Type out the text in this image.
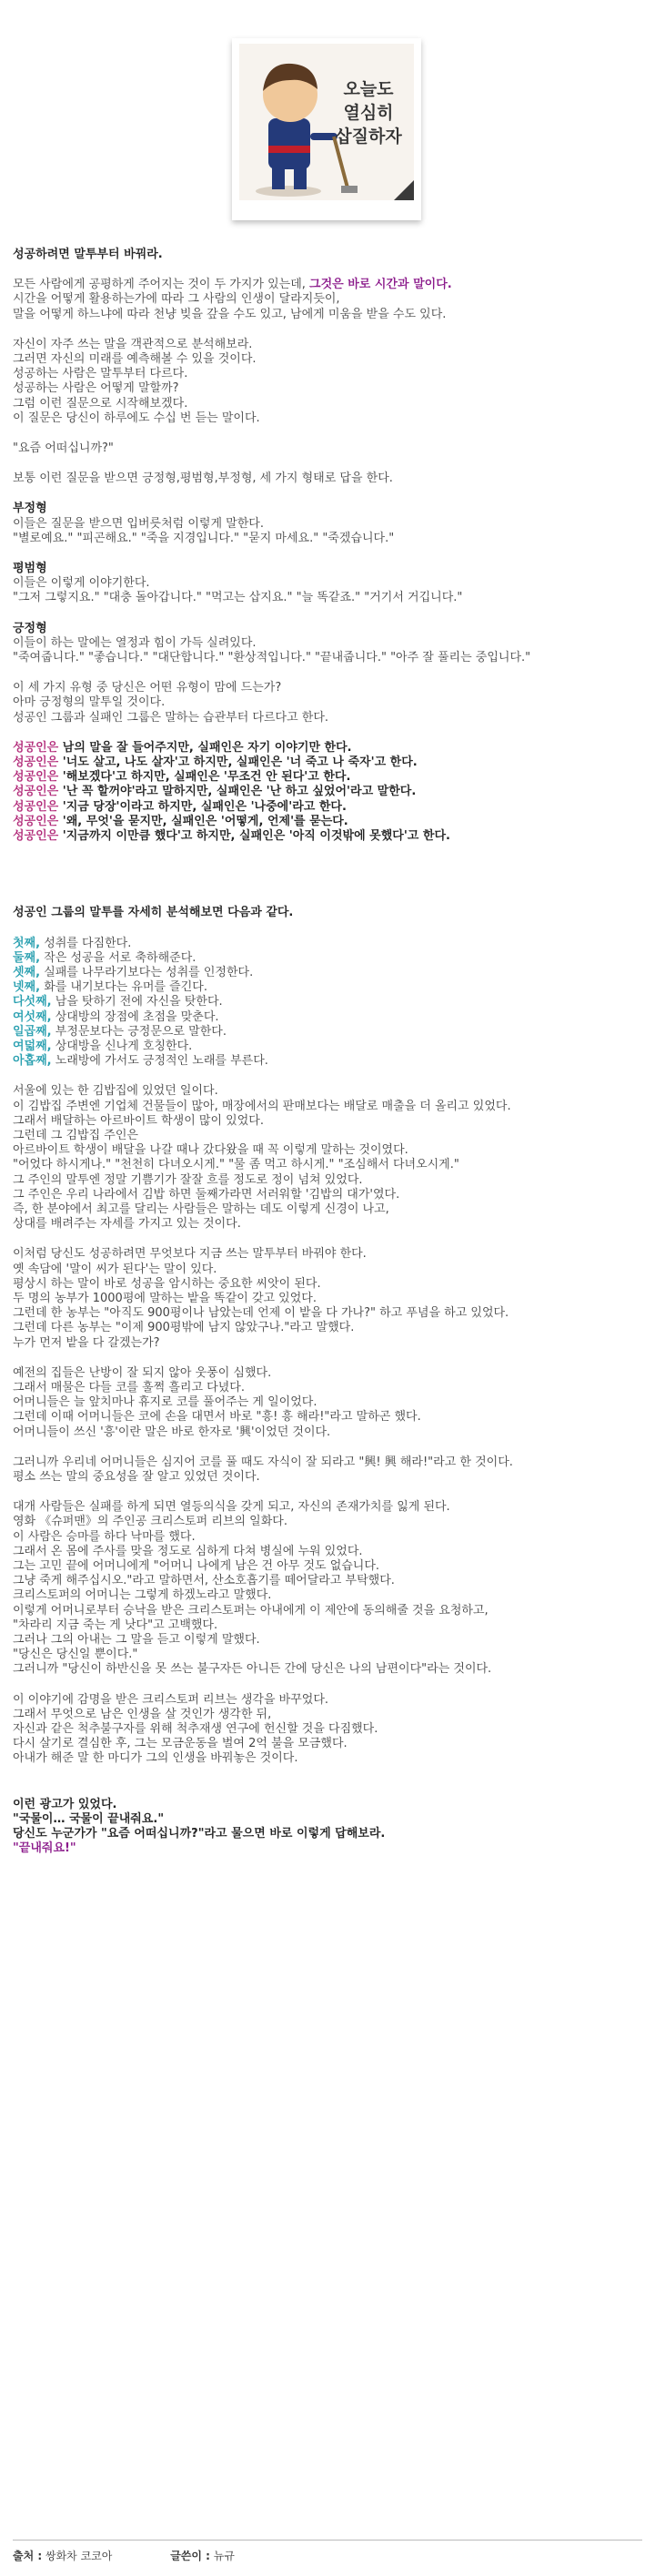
오늘도
열심히
삽질하자
성공하려면 말투부터 바꿔라.
모든 사람에게 공평하게 주어지는 것이 두 가지가 있는데, 그것은 바로 시간과 말이다.
시간을 어떻게 활용하는가에 따라 그 사람의 인생이 달라지듯이,
말을 어떻게 하느냐에 따라 천냥 빚을 갚을 수도 있고, 남에게 미움을 받을 수도 있다.
자신이 자주 쓰는 말을 객관적으로 분석해보라.
그러면 자신의 미래를 예측해볼 수 있을 것이다.
성공하는 사람은 말투부터 다르다.
성공하는 사람은 어떻게 말할까?
그럼 이런 질문으로 시작해보겠다.
이 질문은 당신이 하루에도 수십 번 듣는 말이다.
"요즘 어떠십니까?"
보통 이런 질문을 받으면 긍정형,평범형,부정형, 세 가지 형태로 답을 한다.
부정형
이들은 질문을 받으면 입버릇처럼 이렇게 말한다.
"별로예요." "피곤해요." "죽을 지경입니다." "묻지 마세요." "죽겠습니다."
평범형
이들은 이렇게 이야기한다.
"그저 그렇지요." "대충 돌아갑니다." "먹고는 삽지요." "늘 똑같죠." "거기서 거깁니다."
긍정형
이들이 하는 말에는 열정과 힘이 가득 실려있다.
"죽여줍니다." "좋습니다." "대단합니다." "환상적입니다." "끝내줍니다." "아주 잘 풀리는 중입니다."
이 세 가지 유형 중 당신은 어떤 유형이 맘에 드는가?
아마 긍정형의 말투일 것이다.
성공인 그룹과 실패인 그룹은 말하는 습관부터 다르다고 한다.
성공인은 남의 말을 잘 들어주지만, 실패인은 자기 이야기만 한다.
성공인은 '너도 살고, 나도 살자'고 하지만, 실패인은 '너 죽고 나 죽자'고 한다.
성공인은 '해보겠다'고 하지만, 실패인은 '무조건 안 된다'고 한다.
성공인은 '난 꼭 할꺼야'라고 말하지만, 실패인은 '난 하고 싶었어'라고 말한다.
성공인은 '지금 당장'이라고 하지만, 실패인은 '나중에'라고 한다.
성공인은 '왜, 무엇'을 묻지만, 실패인은 '어떻게, 언제'를 묻는다.
성공인은 '지금까지 이만큼 했다'고 하지만, 실패인은 '아직 이것밖에 못했다'고 한다.
성공인 그룹의 말투를 자세히 분석해보면 다음과 같다.
첫째, 성취를 다짐한다.
둘째, 작은 성공을 서로 축하해준다.
셋째, 실패를 나무라기보다는 성취를 인정한다.
넷째, 화를 내기보다는 유머를 즐긴다.
다섯째, 남을 탓하기 전에 자신을 탓한다.
여섯째, 상대방의 장점에 초점을 맞춘다.
일곱째, 부정문보다는 긍정문으로 말한다.
여덟째, 상대방을 신나게 호칭한다.
아홉째, 노래방에 가서도 긍정적인 노래를 부른다.
서울에 있는 한 김밥집에 있었던 일이다.
이 김밥집 주변엔 기업체 건물들이 많아, 매장에서의 판매보다는 배달로 매출을 더 올리고 있었다.
그래서 배달하는 아르바이트 학생이 많이 있었다.
그런데 그 김밥집 주인은
아르바이트 학생이 배달을 나갈 때나 갔다왔을 때 꼭 이렇게 말하는 것이였다.
"어었다 하시게나." "천천히 다녀오시게." "물 좀 먹고 하시게." "조심해서 다녀오시게."
그 주인의 말투엔 정말 기쁨기가 잘잘 흐를 정도로 정이 넘쳐 있었다.
그 주인은 우리 나라에서 김밥 하면 둘째가라면 서러워할 '김밥의 대가'였다.
즉, 한 분야에서 최고를 달리는 사람들은 말하는 데도 이렇게 신경이 나고,
상대를 배려주는 자세를 가지고 있는 것이다.
이처럼 당신도 성공하려면 무엇보다 지금 쓰는 말투부터 바꿔야 한다.
옛 속담에 '말이 씨가 된다'는 말이 있다.
평상시 하는 말이 바로 성공을 암시하는 중요한 씨앗이 된다.
두 명의 농부가 1000평에 말하는 밭을 똑같이 갖고 있었다.
그런데 한 농부는 "아직도 900평이나 남았는데 언제 이 밭을 다 가나?" 하고 푸념을 하고 있었다.
그런데 다른 농부는 "이제 900평밖에 남지 않았구나."라고 말했다.
누가 먼저 밭을 다 갈겠는가?
예전의 집들은 난방이 잘 되지 않아 웃풍이 심했다.
그래서 매물은 다들 코를 훌쩍 흘리고 다녔다.
어머니들은 늘 앞치마나 휴지로 코를 풀어주는 게 일이었다.
그런데 이때 어머니들은 코에 손을 대면서 바로 "흥! 흥 해라!"라고 말하곤 했다.
어머니들이 쓰신 '흥'이란 말은 바로 한자로 '興'이었던 것이다.
그러니까 우리네 어머니들은 심지어 코를 풀 때도 자식이 잘 되라고 "興! 興 해라!"라고 한 것이다.
평소 쓰는 말의 중요성을 잘 알고 있었던 것이다.
대개 사람들은 실패를 하게 되면 열등의식을 갖게 되고, 자신의 존재가치를 잃게 된다.
영화 《슈퍼맨》의 주인공 크리스토퍼 리브의 일화다.
이 사람은 승마를 하다 낙마를 했다.
그래서 온 몸에 주사를 맞을 정도로 심하게 다쳐 병실에 누워 있었다.
그는 고민 끝에 어머니에게 "어머니 나에게 남은 건 아무 것도 없습니다.
그냥 죽게 해주십시오."라고 말하면서, 산소호흡기를 떼어달라고 부탁했다.
크리스토퍼의 어머니는 그렇게 하겠노라고 말했다.
이렇게 어머니로부터 승낙을 받은 크리스토퍼는 아내에게 이 제안에 동의해줄 것을 요청하고,
"차라리 지금 죽는 게 낫다"고 고백했다.
그러나 그의 아내는 그 말을 듣고 이렇게 말했다.
"당신은 당신일 뿐이다."
그러니까 "당신이 하반신을 못 쓰는 불구자든 아니든 간에 당신은 나의 남편이다"라는 것이다.
이 이야기에 감명을 받은 크리스토퍼 리브는 생각을 바꾸었다.
그래서 무엇으로 남은 인생을 살 것인가 생각한 뒤,
자신과 같은 척추불구자를 위해 척추재생 연구에 헌신할 것을 다짐했다.
다시 살기로 결심한 후, 그는 모금운동을 벌여 2억 불을 모금했다.
아내가 해준 말 한 마디가 그의 인생을 바꿔놓은 것이다.
이런 광고가 있었다.
"국물이… 국물이 끝내줘요."
당신도 누군가가 "요즘 어떠십니까?"라고 물으면 바로 이렇게 답해보라.
"끝내줘요!"
출처 : 쌍화차 코코아	글쓴이 : 뉴규
